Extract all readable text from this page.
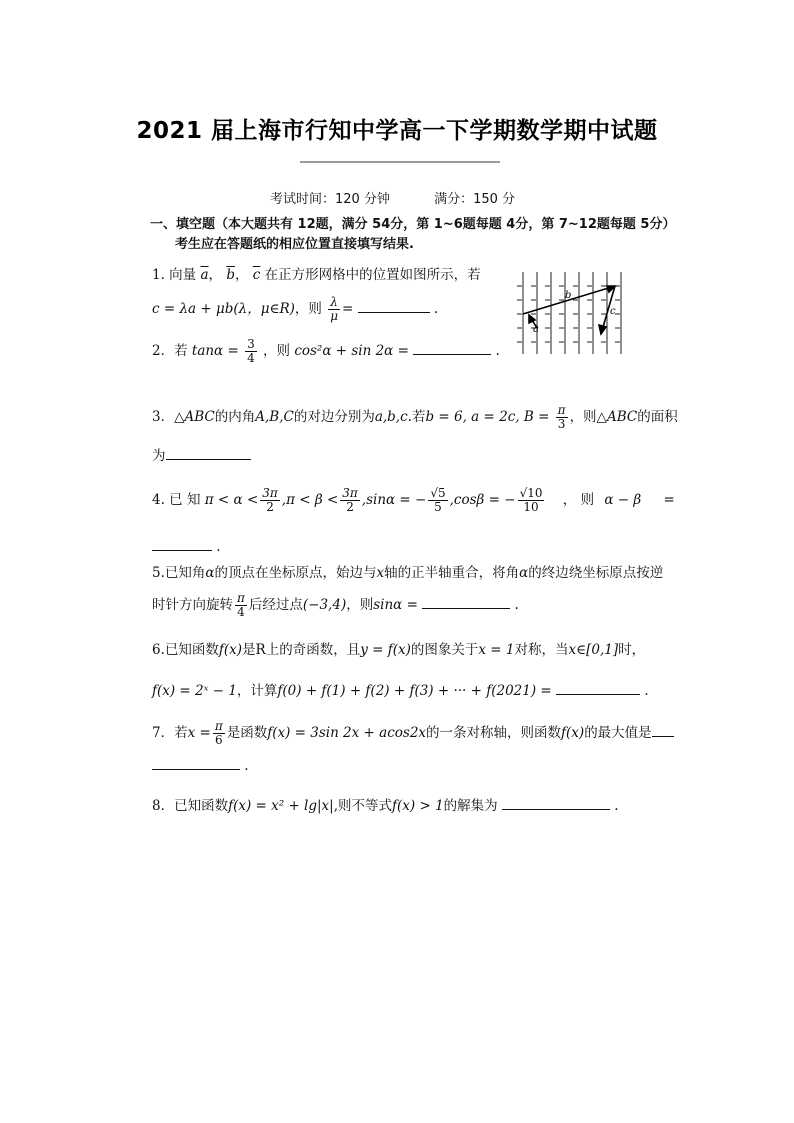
2021 届上海市行知中学高一下学期数学期中试题
考试时间：120 分钟	满分：150 分
一、填空题（本大题共有 12题，满分 54分，第 1~6题每题 4分，第 7~12题每题 5分）
考生应在答题纸的相应位置直接填写结果.
1. 向量 $\overline{a}$， $\overline{b}$， $\overline{c}$ 在正方形网格中的位置如图所示，若
c = λa + μb(λ，μ∈R)，则 $\frac{\lambda}{\mu}$ =	.
b
c
a
2．若 $\tan\alpha = \frac{3}{4}$ ，则 cos²α + sin 2α =	.
3．△ABC的内角A,B,C的对边分别为a,b,c.若b = 6, a = 2c, $B = \frac{\pi}{3}$ ，则△ABC的面积
为
4. 已 知 $\pi < \alpha < \frac{3\pi}{2} ,\pi < \beta < \frac{3\pi}{2} ,\sin\alpha$ = − $\frac{√5}{5} ,\cos\beta$ = − $\frac{√10}{10}$ ， 则 α − β =
.
5.已知角α的顶点在坐标原点，始边与x轴的正半轴重合，将角α的终边绕坐标原点按逆
时针方向旋转 $\frac{\pi}{4}$ 后经过点(−3,4)，则sinα =	.
6.已知函数f(x)是R上的奇函数，且y = f(x)的图象关于x = 1对称，当x∈[0,1]时，
f(x) = 2ˣ − 1，计算f(0) + f(1) + f(2) + f(3) + ··· + f(2021) =	.
7．若$x = \frac{\pi}{6}$ 是函数f(x) = 3sin 2x + acos2x的一条对称轴，则函数f(x)的最大值是
.
8．已知函数f(x) = x² + lg|x|,则不等式f(x) > 1的解集为	.
